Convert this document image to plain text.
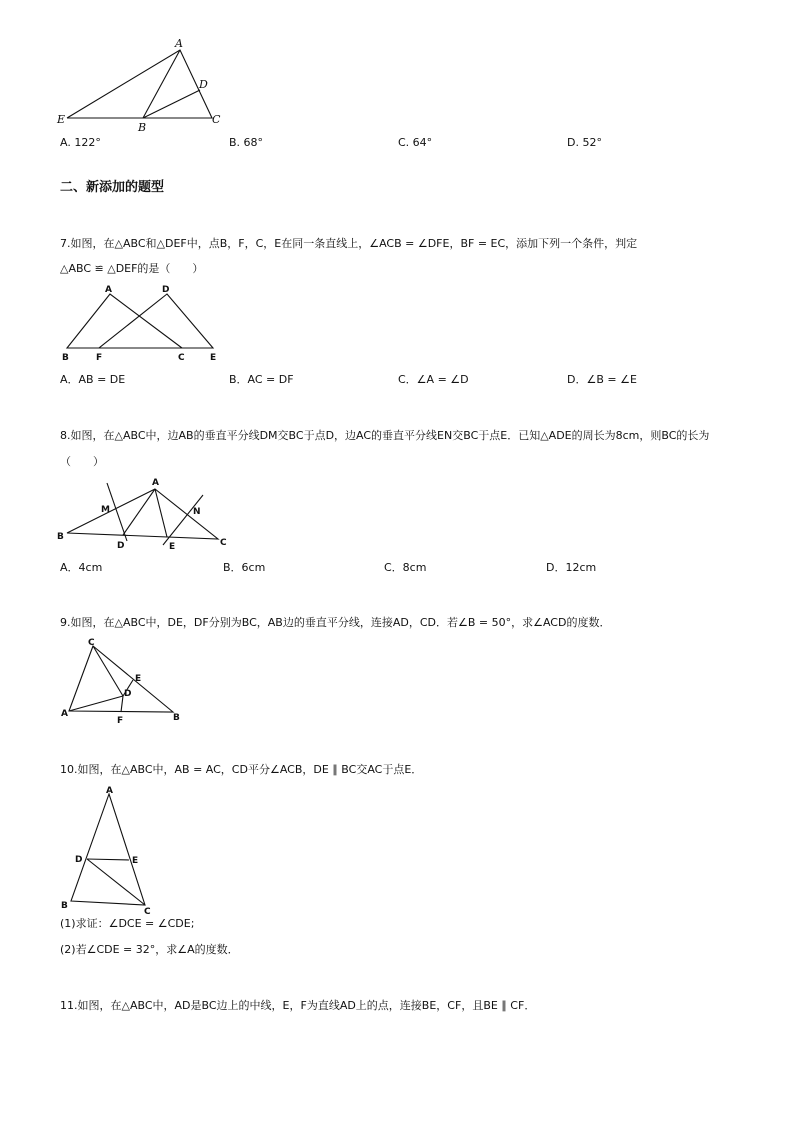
A
D
E
B
C
A. 122°	B. 68°	C. 64°	D. 52°
二、新添加的题型
7.如图，在△ABC和△DEF中，点B，F，C，E在同一条直线上，∠ACB = ∠DFE，BF = EC，添加下列一个条件，判定
△ABC ≌ △DEF的是（　　）
A	D
B	F	C	E
A．AB = DE	B．AC = DF	C．∠A = ∠D	D．∠B = ∠E
8.如图，在△ABC中，边AB的垂直平分线DM交BC于点D，边AC的垂直平分线EN交BC于点E．已知△ADE的周长为8cm，则BC的长为
（　　）
A
M	N
B
D	E	C
A．4cm	B．6cm	C．8cm	D．12cm
9.如图，在△ABC中，DE，DF分别为BC，AB边的垂直平分线，连接AD，CD．若∠B = 50°，求∠ACD的度数．
C
E
D
A
F	B
10.如图，在△ABC中，AB = AC，CD平分∠ACB，DE ∥ BC交AC于点E．
A
D	E
B
C
(1)求证：∠DCE = ∠CDE;
(2)若∠CDE = 32°，求∠A的度数．
11.如图，在△ABC中，AD是BC边上的中线，E，F为直线AD上的点，连接BE，CF，且BE ∥ CF．
